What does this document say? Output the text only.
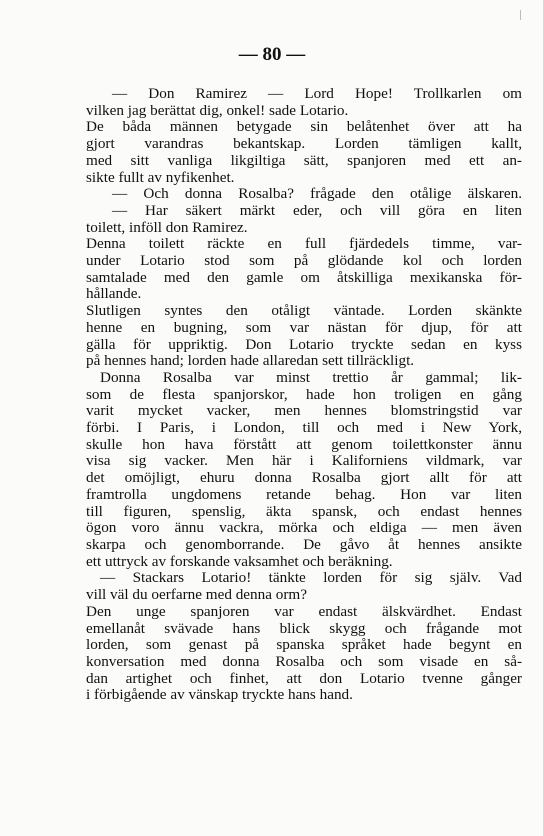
— 80 —
— Don Ramirez — Lord Hope! Trollkarlen om
vilken jag berättat dig, onkel! sade Lotario.
De båda männen betygade sin belåtenhet över att ha
gjort varandras bekantskap. Lorden tämligen kallt,
med sitt vanliga likgiltiga sätt, spanjoren med ett an-
sikte fullt av nyfikenhet.
— Och donna Rosalba? frågade den otålige älskaren.
— Har säkert märkt eder, och vill göra en liten
toilett, inföll don Ramirez.
Denna toilett räckte en full fjärdedels timme, var-
under Lotario stod som på glödande kol och lorden
samtalade med den gamle om åtskilliga mexikanska för-
hållande.
Slutligen syntes den otåligt väntade. Lorden skänkte
henne en bugning, som var nästan för djup, för att
gälla för uppriktig. Don Lotario tryckte sedan en kyss
på hennes hand; lorden hade allaredan sett tillräckligt.
Donna Rosalba var minst trettio år gammal; lik-
som de flesta spanjorskor, hade hon troligen en gång
varit mycket vacker, men hennes blomstringstid var
förbi. I Paris, i London, till och med i New York,
skulle hon hava förstått att genom toilettkonster ännu
visa sig vacker. Men här i Kaliforniens vildmark, var
det omöjligt, ehuru donna Rosalba gjort allt för att
framtrolla ungdomens retande behag. Hon var liten
till figuren, spenslig, äkta spansk, och endast hennes
ögon voro ännu vackra, mörka och eldiga — men även
skarpa och genomborrande. De gåvo åt hennes ansikte
ett uttryck av forskande vaksamhet och beräkning.
— Stackars Lotario! tänkte lorden för sig själv. Vad
vill väl du oerfarne med denna orm?
Den unge spanjoren var endast älskvärdhet. Endast
emellanåt svävade hans blick skygg och frågande mot
lorden, som genast på spanska språket hade begynt en
konversation med donna Rosalba och som visade en så-
dan artighet och finhet, att don Lotario tvenne gånger
i förbigående av vänskap tryckte hans hand.
